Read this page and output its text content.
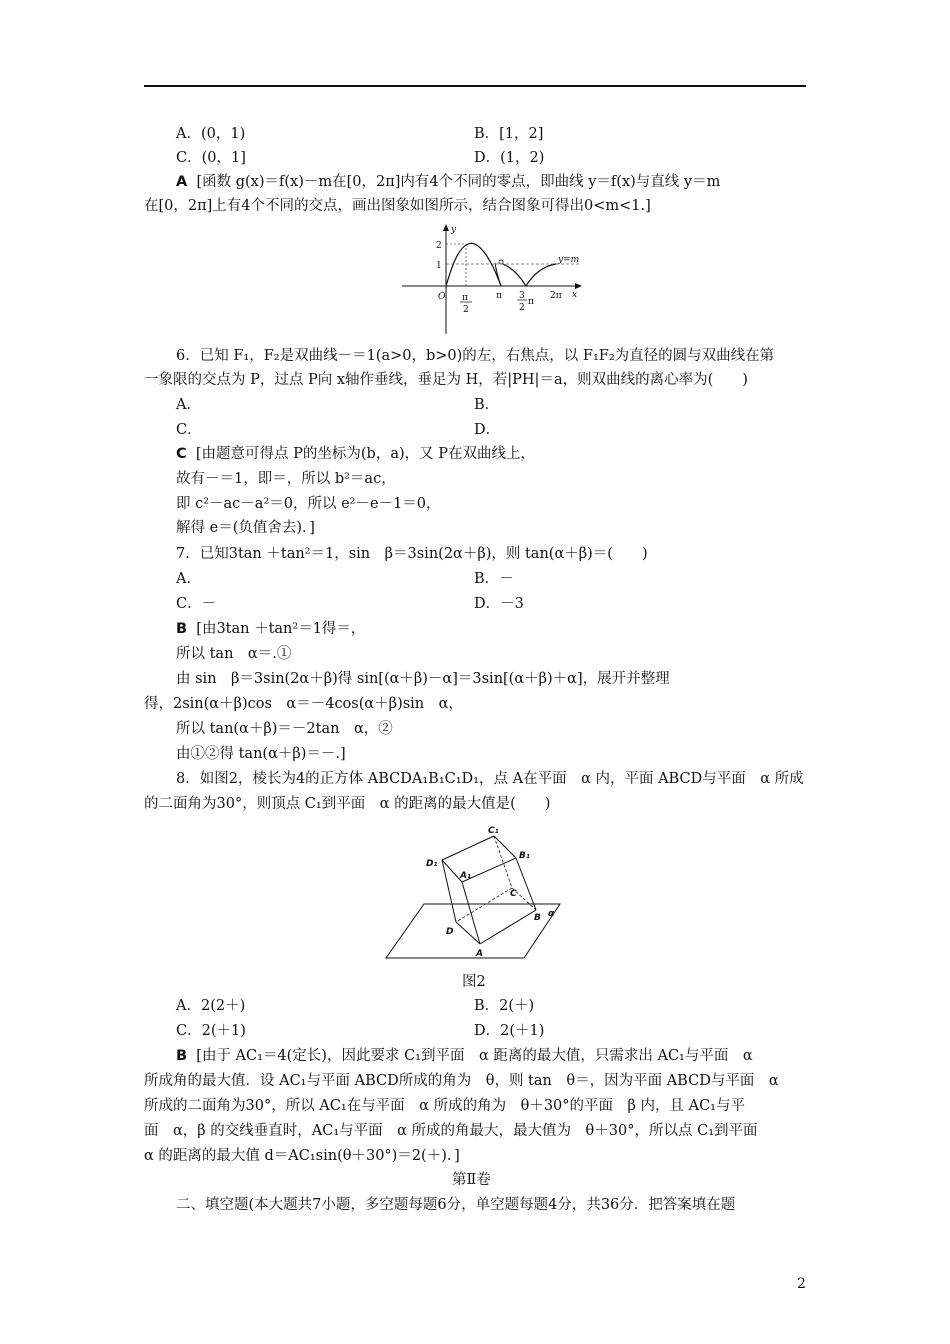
A．(0，1)	B．[1，2]
C．(0，1]	D．(1，2)
A [函数 g(x)＝f(x)－m在[0，2π]内有4个不同的零点，即曲线 y＝f(x)与直线 y＝m
在[0，2π]上有4个不同的交点，画出图象如图所示，结合图象可得出0<m<1.]
y
x
2
1
O π
2
π 3
2
π
2π
y=m
6．已知 F₁，F₂是双曲线－＝1(a>0，b>0)的左，右焦点，以 F₁F₂为直径的圆与双曲线在第
一象限的交点为 P，过点 P向 x轴作垂线，垂足为 H，若|PH|＝a，则双曲线的离心率为(　　)
A．	B．
C．	D．
C [由题意可得点 P的坐标为(b，a)，又 P在双曲线上，
故有－＝1，即＝，所以 b²＝ac，
即 c²－ac－a²＝0，所以 e²－e－1＝0，
解得 e＝(负值舍去)．]
7．已知3tan ＋tan²＝1，sin　β＝3sin(2α＋β)，则 tan(α＋β)＝(　　)
A．	B．－
C．－	D．－3
B [由3tan ＋tan²＝1得＝，
所以 tan　α＝.①
由 sin　β＝3sin(2α＋β)得 sin[(α＋β)－α]＝3sin[(α＋β)＋α]，展开并整理
得，2sin(α＋β)cos　α＝－4cos(α＋β)sin　α，
所以 tan(α＋β)＝－2tan　α，②
由①②得 tan(α＋β)＝－.]
8．如图2，棱长为4的正方体 ABCDA₁B₁C₁D₁，点 A在平面　α 内，平面 ABCD与平面　α 所成
的二面角为30°，则顶点 C₁到平面　α 的距离的最大值是(　　)
C₁
B₁
D₁
A₁
C
B
D
A
α
图2
A．2(2＋)	B．2(＋)
C．2(＋1)	D．2(＋1)
B [由于 AC₁＝4(定长)，因此要求 C₁到平面　α 距离的最大值，只需求出 AC₁与平面　α
所成角的最大值．设 AC₁与平面 ABCD所成的角为　θ，则 tan　θ＝，因为平面 ABCD与平面　α
所成的二面角为30°，所以 AC₁在与平面　α 所成的角为　θ＋30°的平面　β 内，且 AC₁与平
面　α，β 的交线垂直时，AC₁与平面　α 所成的角最大，最大值为　θ＋30°，所以点 C₁到平面
α 的距离的最大值 d＝AC₁sin(θ＋30°)＝2(＋)．]
第Ⅱ卷
二、填空题(本大题共7小题，多空题每题6分，单空题每题4分，共36分．把答案填在题
2
